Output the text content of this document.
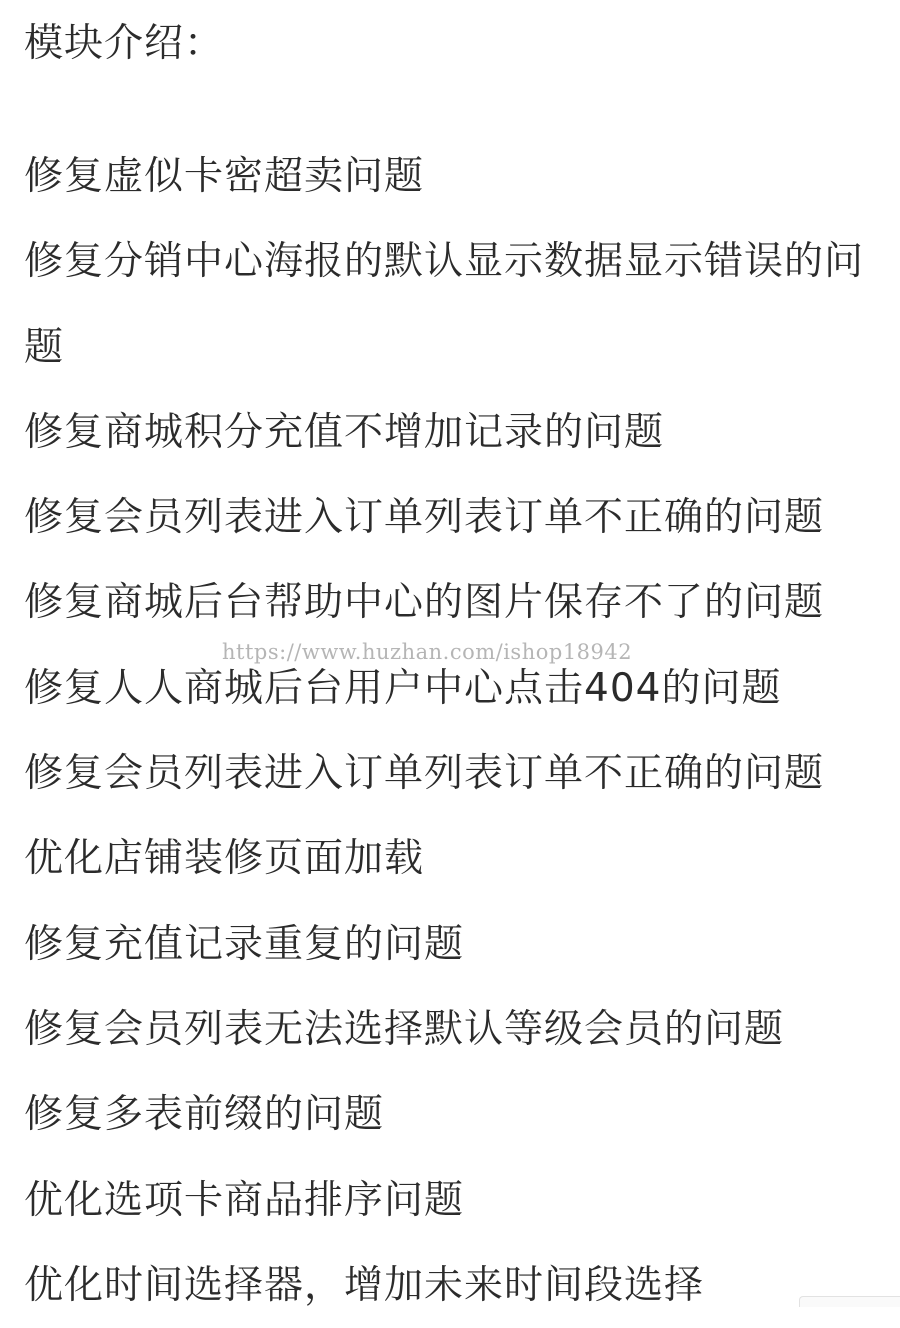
模块介绍：
修复虚似卡密超卖问题
修复分销中心海报的默认显示数据显示错误的问题
修复商城积分充值不增加记录的问题
修复会员列表进入订单列表订单不正确的问题
修复商城后台帮助中心的图片保存不了的问题
修复人人商城后台用户中心点击404的问题
修复会员列表进入订单列表订单不正确的问题
优化店铺装修页面加载
修复充值记录重复的问题
修复会员列表无法选择默认等级会员的问题
修复多表前缀的问题
优化选项卡商品排序问题
优化时间选择器，增加未来时间段选择
https://www.huzhan.com/ishop18942
